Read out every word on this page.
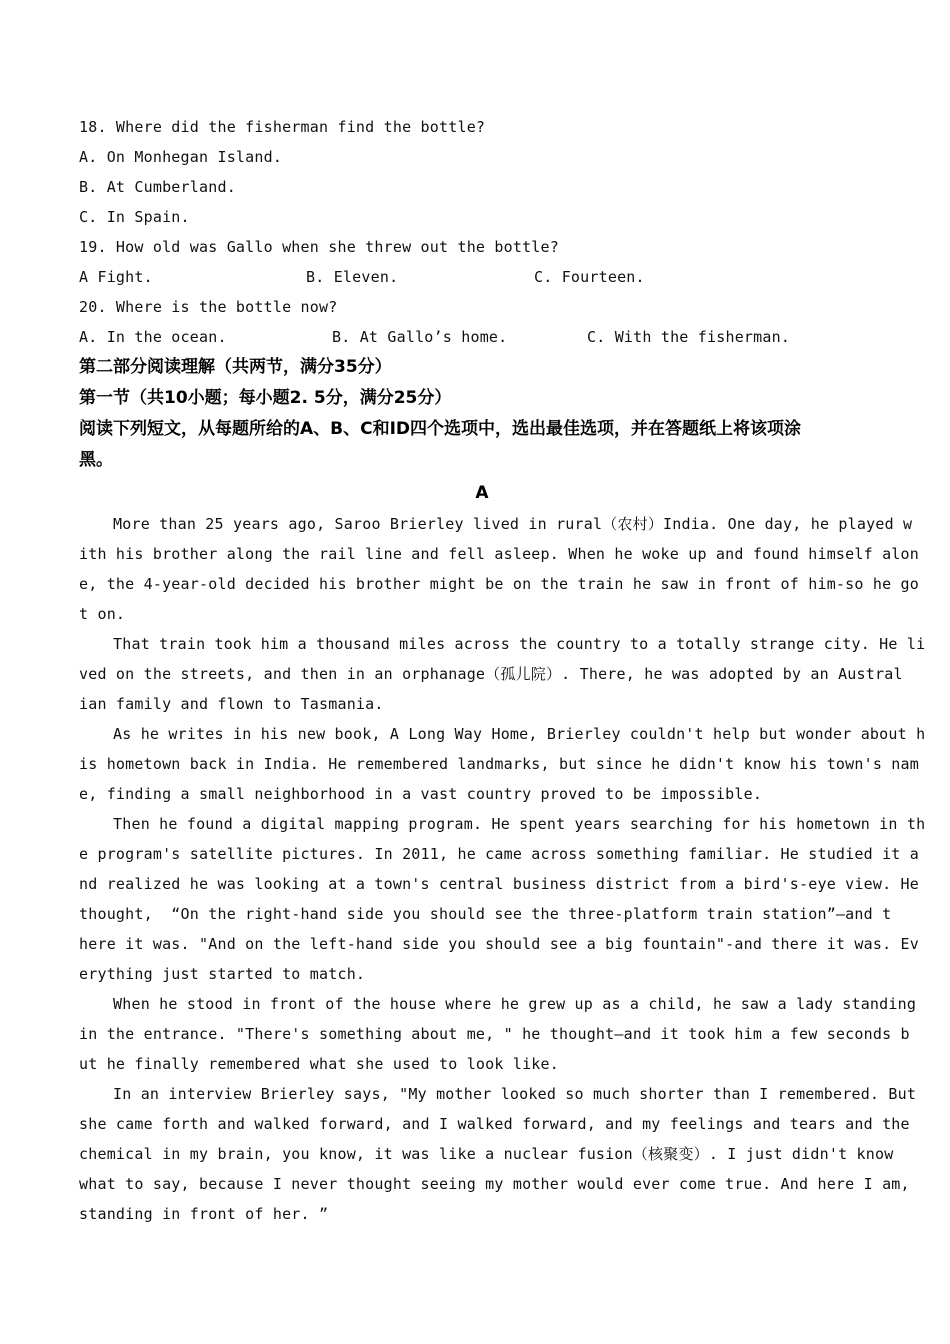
18. Where did the fisherman find the bottle?
A. On Monhegan Island.
B. At Cumberland.
C. In Spain.
19. How old was Gallo when she threw out the bottle?
A Fight.	B. Eleven.	C. Fourteen.
20. Where is the bottle now?
A. In the ocean.	B. At Gallo’s home.	C. With the fisherman.
第二部分阅读理解（共两节，满分35分）
第一节（共10小题；每小题2. 5分，满分25分）
阅读下列短文，从每题所给的A、B、C和ID四个选项中，选出最佳选项，并在答题纸上将该项涂
黑。
A
More than 25 years ago, Saroo Brierley lived in rural（农村）India. One day, he played w
ith his brother along the rail line and fell asleep. When he woke up and found himself alon
e, the 4-year-old decided his brother might be on the train he saw in front of him-so he go
t on.
That train took him a thousand miles across the country to a totally strange city. He li
ved on the streets, and then in an orphanage（孤儿院）. There, he was adopted by an Austral
ian family and flown to Tasmania.
As he writes in his new book, A Long Way Home, Brierley couldn't help but wonder about h
is hometown back in India. He remembered landmarks, but since he didn't know his town's nam
e, finding a small neighborhood in a vast country proved to be impossible.
Then he found a digital mapping program. He spent years searching for his hometown in th
e program's satellite pictures. In 2011, he came across something familiar. He studied it a
nd realized he was looking at a town's central business district from a bird's-eye view. He
thought,  “On the right-hand side you should see the three-platform train station”—and t
here it was. "And on the left-hand side you should see a big fountain"-and there it was. Ev
erything just started to match.
When he stood in front of the house where he grew up as a child, he saw a lady standing
in the entrance. "There's something about me, " he thought—and it took him a few seconds b
ut he finally remembered what she used to look like.
In an interview Brierley says, "My mother looked so much shorter than I remembered. But
she came forth and walked forward, and I walked forward, and my feelings and tears and the
chemical in my brain, you know, it was like a nuclear fusion（核聚变）. I just didn't know
what to say, because I never thought seeing my mother would ever come true. And here I am,
standing in front of her. ”
